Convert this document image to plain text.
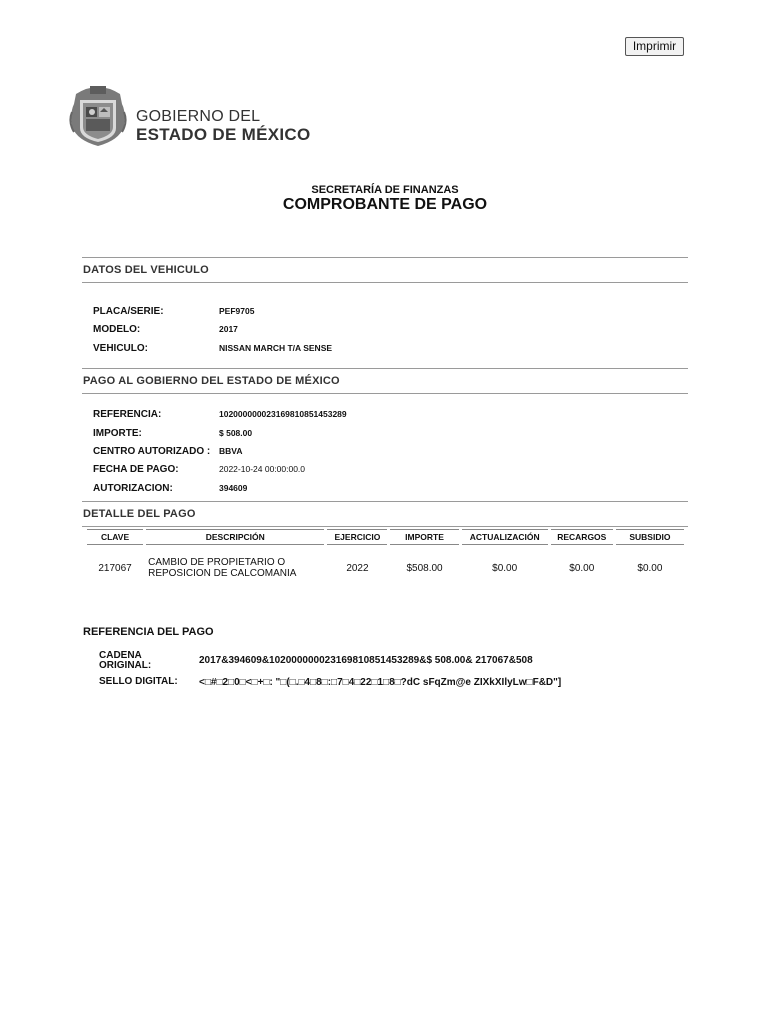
Imprimir
GOBIERNO DEL
ESTADO DE MÉXICO
SECRETARÍA DE FINANZAS
COMPROBANTE DE PAGO
DATOS DEL VEHICULO
PLACA/SERIE:	PEF9705
MODELO:	2017
VEHICULO:	NISSAN MARCH T/A SENSE
PAGO AL GOBIERNO DEL ESTADO DE MÉXICO
REFERENCIA:	102000000023169810851453289
IMPORTE:	$ 508.00
CENTRO AUTORIZADO : BBVA
FECHA DE PAGO:	2022-10-24 00:00:00.0
AUTORIZACION:	394609
DETALLE DEL PAGO
CLAVE	DESCRIPCIÓN	EJERCICIO	IMPORTE	ACTUALIZACIÓN	RECARGOS	SUBSIDIO
217067	CAMBIO DE PROPIETARIO O
REPOSICION DE CALCOMANIA	2022	$508.00	$0.00	$0.00	$0.00
REFERENCIA DEL PAGO
CADENA
ORIGINAL:	2017&394609&102000000023169810851453289&$ 508.00& 217067&508
SELLO DIGITAL: <□#□2□0□<□+□: "□(□.□4□8□:□7□4□22□1□8□?dC sFqZm@e ZIXkXIlyLw□F&D"]
